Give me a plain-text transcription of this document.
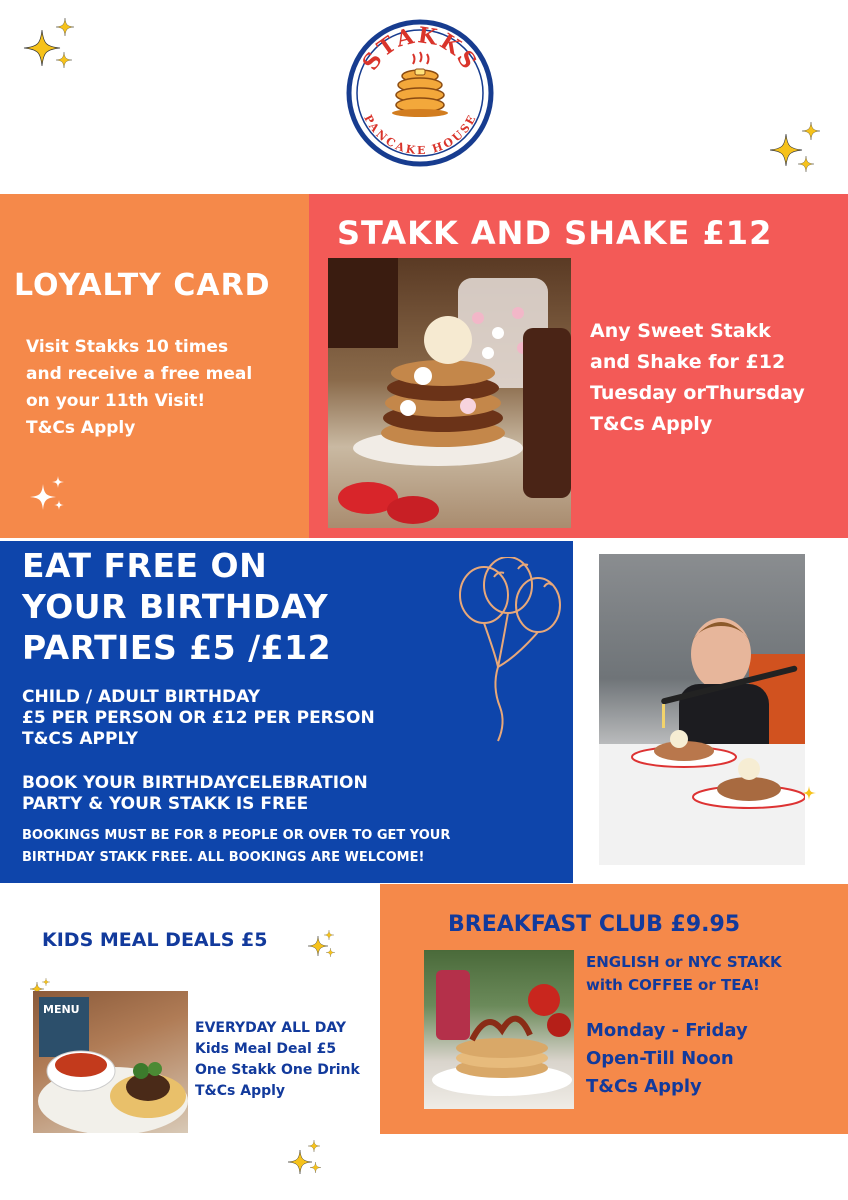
STAKKS
PANCAKE HOUSE
LOYALTY CARD
Visit Stakks 10 times
and receive a free meal
on your 11th Visit!
T&Cs Apply
STAKK AND SHAKE £12
Any Sweet Stakk
and Shake for £12
Tuesday orThursday
T&Cs Apply
EAT FREE ON
YOUR BIRTHDAY
PARTIES £5 /£12
CHILD / ADULT BIRTHDAY
£5 PER PERSON OR £12 PER PERSON
T&CS APPLY
BOOK YOUR BIRTHDAYCELEBRATION
PARTY & YOUR STAKK IS FREE
BOOKINGS MUST BE FOR 8 PEOPLE OR OVER TO GET YOUR
BIRTHDAY STAKK FREE. ALL BOOKINGS ARE WELCOME!
KIDS MEAL DEALS £5
MENU
EVERYDAY ALL DAY
Kids Meal Deal £5
One Stakk One Drink
T&Cs Apply
BREAKFAST CLUB £9.95
ENGLISH or NYC STAKK
with COFFEE or TEA!
Monday - Friday
Open-Till Noon
T&Cs Apply
